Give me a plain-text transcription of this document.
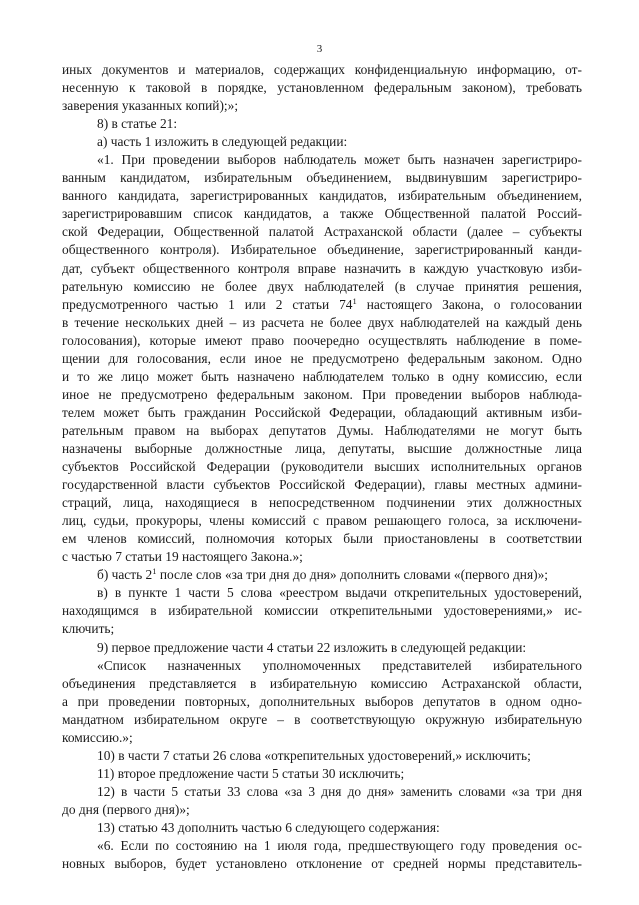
3
иных документов и материалов, содержащих конфиденциальную информацию, от-
несенную к таковой в порядке, установленном федеральным законом), требовать
заверения указанных копий);»;
8) в статье 21:
а) часть 1 изложить в следующей редакции:
«1. При проведении выборов наблюдатель может быть назначен зарегистриро-
ванным кандидатом, избирательным объединением, выдвинувшим зарегистриро-
ванного кандидата, зарегистрированных кандидатов, избирательным объединением,
зарегистрировавшим список кандидатов, а также Общественной палатой Россий-
ской Федерации, Общественной палатой Астраханской области (далее – субъекты
общественного контроля). Избирательное объединение, зарегистрированный канди-
дат, субъект общественного контроля вправе назначить в каждую участковую изби-
рательную комиссию не более двух наблюдателей (в случае принятия решения,
предусмотренного частью 1 или 2 статьи $74^1$ настоящего Закона, о голосовании
в течение нескольких дней – из расчета не более двух наблюдателей на каждый день
голосования), которые имеют право поочередно осуществлять наблюдение в поме-
щении для голосования, если иное не предусмотрено федеральным законом. Одно
и то же лицо может быть назначено наблюдателем только в одну комиссию, если
иное не предусмотрено федеральным законом. При проведении выборов наблюда-
телем может быть гражданин Российской Федерации, обладающий активным изби-
рательным правом на выборах депутатов Думы. Наблюдателями не могут быть
назначены выборные должностные лица, депутаты, высшие должностные лица
субъектов Российской Федерации (руководители высших исполнительных органов
государственной власти субъектов Российской Федерации), главы местных админи-
страций, лица, находящиеся в непосредственном подчинении этих должностных
лиц, судьи, прокуроры, члены комиссий с правом решающего голоса, за исключени-
ем членов комиссий, полномочия которых были приостановлены в соответствии
с частью 7 статьи 19 настоящего Закона.»;
б) часть $2^1$ после слов «за три дня до дня» дополнить словами «(первого дня)»;
в) в пункте 1 части 5 слова «реестром выдачи открепительных удостоверений,
находящимся в избирательной комиссии открепительными удостоверениями,» ис-
ключить;
9) первое предложение части 4 статьи 22 изложить в следующей редакции:
«Список назначенных уполномоченных представителей избирательного
объединения представляется в избирательную комиссию Астраханской области,
а при проведении повторных, дополнительных выборов депутатов в одном одно-
мандатном избирательном округе – в соответствующую окружную избирательную
комиссию.»;
10) в части 7 статьи 26 слова «открепительных удостоверений,» исключить;
11) второе предложение части 5 статьи 30 исключить;
12) в части 5 статьи 33 слова «за 3 дня до дня» заменить словами «за три дня
до дня (первого дня)»;
13) статью 43 дополнить частью 6 следующего содержания:
«6. Если по состоянию на 1 июля года, предшествующего году проведения ос-
новных выборов, будет установлено отклонение от средней нормы представитель-
